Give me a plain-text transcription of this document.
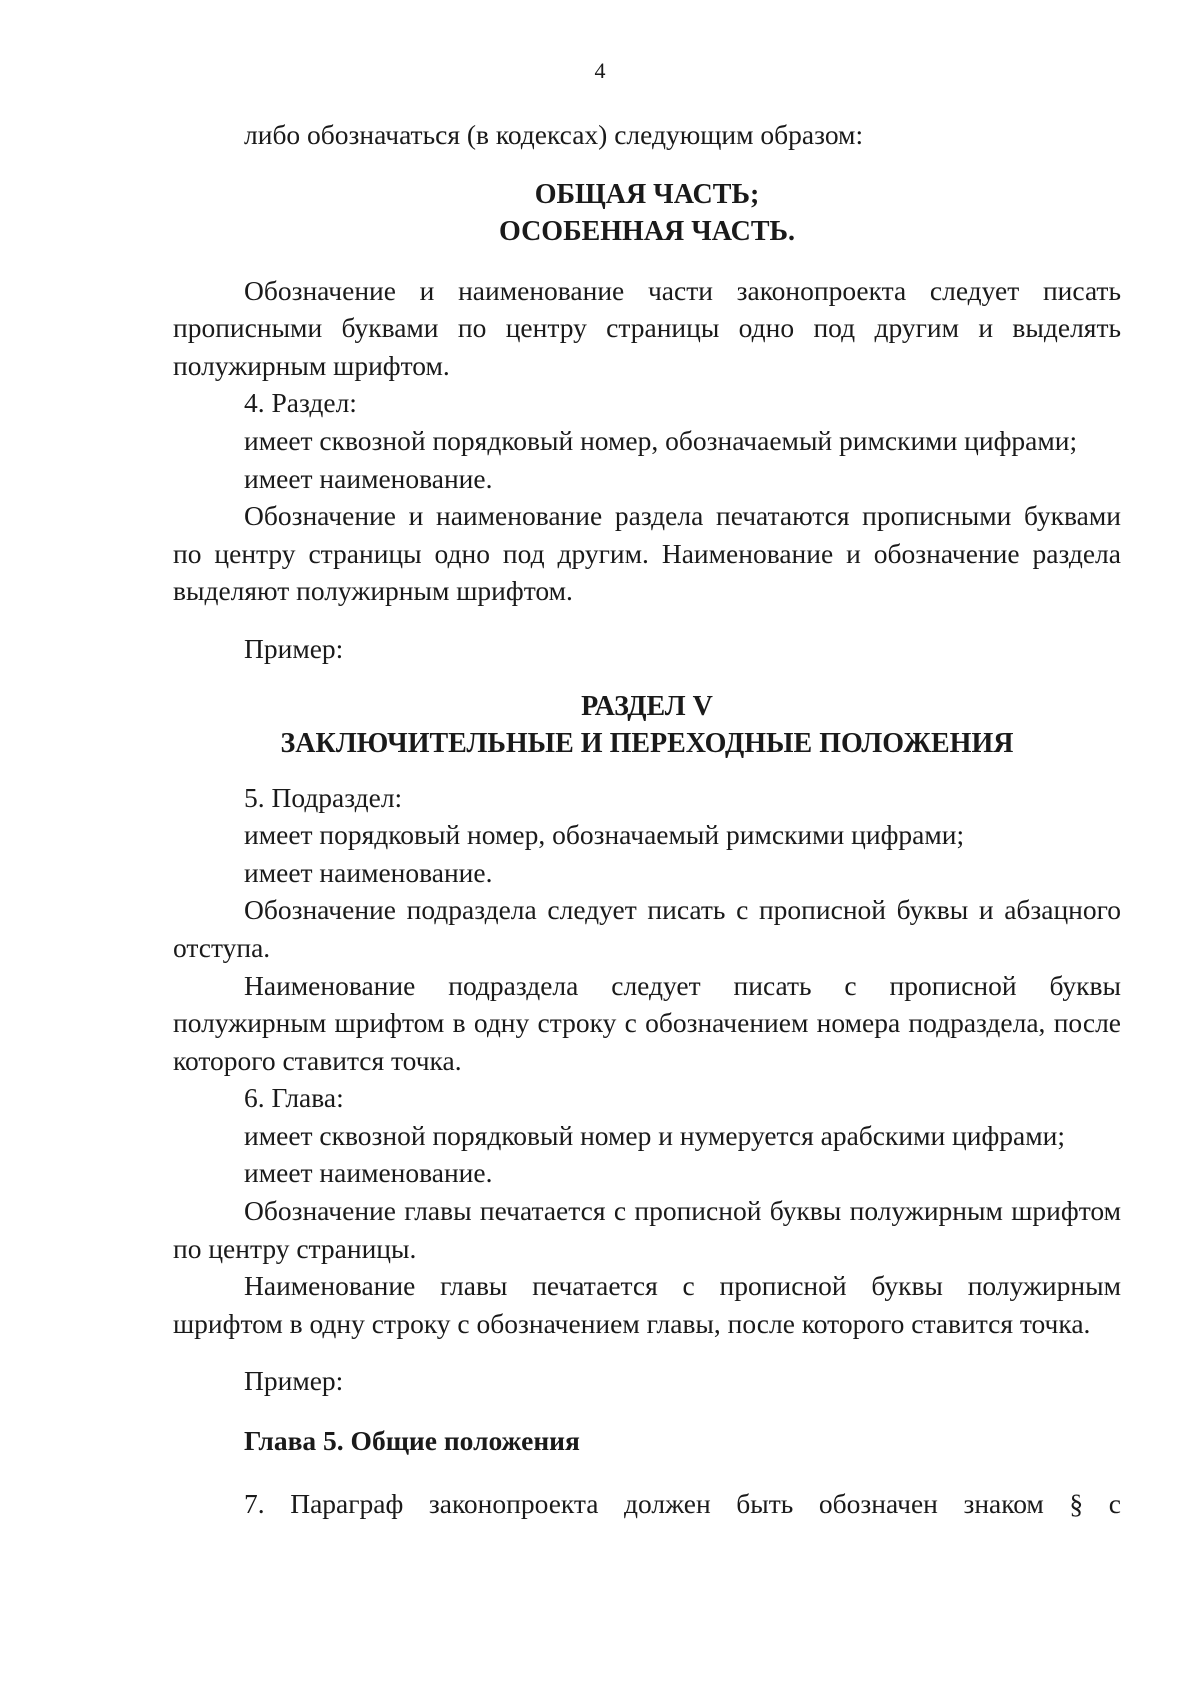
4

либо обозначаться (в кодексах) следующим образом:

ОБЩАЯ ЧАСТЬ;

ОСОБЕННАЯ ЧАСТЬ.

Обозначение и наименование части законопроекта следует писать прописными буквами по центру страницы одно под другим и выделять полужирным шрифтом.

4. Раздел:

имеет сквозной порядковый номер, обозначаемый римскими цифрами;

имеет наименование.

Обозначение и наименование раздела печатаются прописными буквами по центру страницы одно под другим. Наименование и обозначение раздела выделяют полужирным шрифтом.

Пример:

РАЗДЕЛ V

ЗАКЛЮЧИТЕЛЬНЫЕ И ПЕРЕХОДНЫЕ ПОЛОЖЕНИЯ

5. Подраздел:

имеет порядковый номер, обозначаемый римскими цифрами;

имеет наименование.

Обозначение подраздела следует писать с прописной буквы и абзацного отступа.

Наименование подраздела следует писать с прописной буквы полужирным шрифтом в одну строку с обозначением номера подраздела, после которого ставится точка.

6. Глава:

имеет сквозной порядковый номер и нумеруется арабскими цифрами;

имеет наименование.

Обозначение главы печатается с прописной буквы полужирным шрифтом по центру страницы.

Наименование главы печатается с прописной буквы полужирным шрифтом в одну строку с обозначением главы, после которого ставится точка.

Пример:

Глава 5. Общие положения

7. Параграф законопроекта должен быть обозначен знаком § с
